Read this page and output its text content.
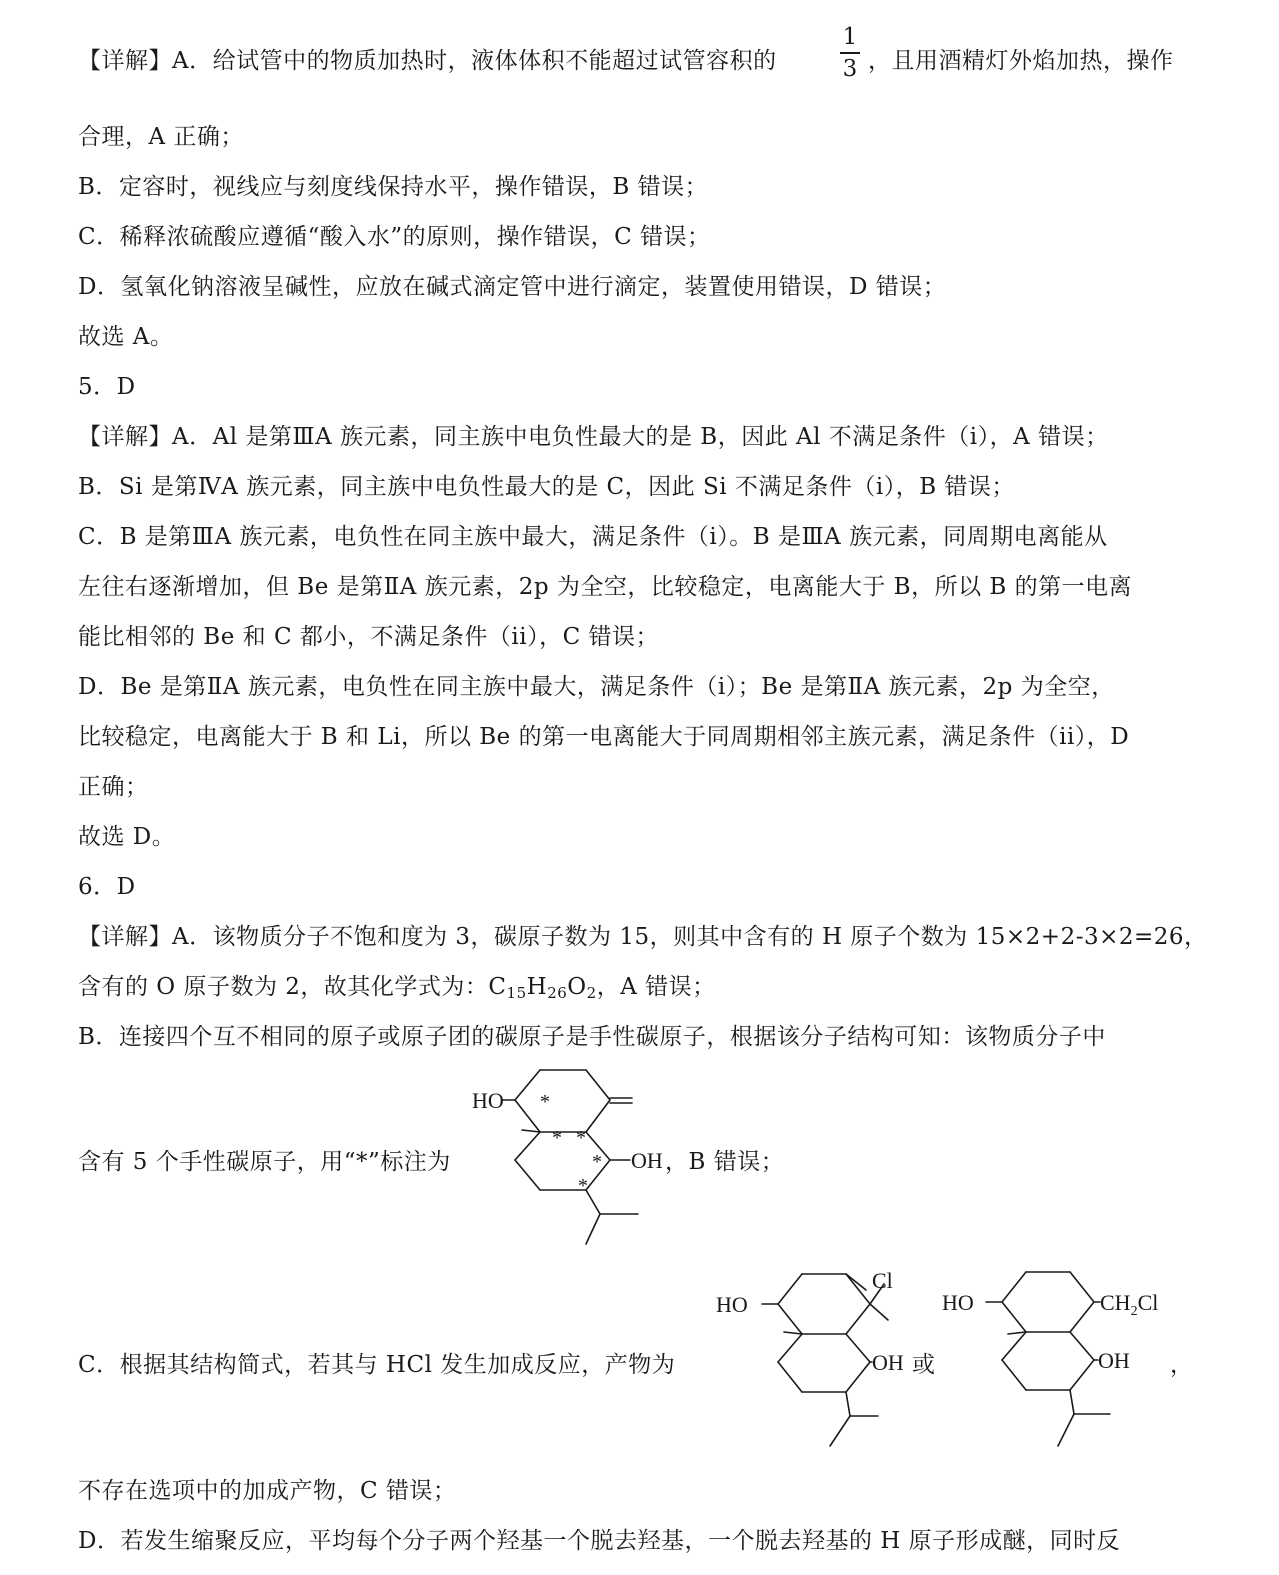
【详解】A．给试管中的物质加热时，液体体积不能超过试管容积的
1
3 ，且用酒精灯外焰加热，操作
合理，A 正确；
B．定容时，视线应与刻度线保持水平，操作错误，B 错误；
C．稀释浓硫酸应遵循“酸入水”的原则，操作错误，C 错误；
D．氢氧化钠溶液呈碱性，应放在碱式滴定管中进行滴定，装置使用错误，D 错误；
故选 A。
5．D
【详解】A．Al 是第ⅢA 族元素，同主族中电负性最大的是 B，因此 Al 不满足条件（i），A 错误；
B．Si 是第ⅣA 族元素，同主族中电负性最大的是 C，因此 Si 不满足条件（i），B 错误；
C．B 是第ⅢA 族元素，电负性在同主族中最大，满足条件（i）。B 是ⅢA 族元素，同周期电离能从
左往右逐渐增加，但 Be 是第ⅡA 族元素，2p 为全空，比较稳定，电离能大于 B，所以 B 的第一电离
能比相邻的 Be 和 C 都小，不满足条件（ii），C 错误；
D．Be 是第ⅡA 族元素，电负性在同主族中最大，满足条件（i）；Be 是第ⅡA 族元素，2p 为全空，
比较稳定，电离能大于 B 和 Li，所以 Be 的第一电离能大于同周期相邻主族元素，满足条件（ii），D
正确；
故选 D。
6．D
【详解】A．该物质分子不饱和度为 3，碳原子数为 15，则其中含有的 H 原子个数为 15×2+2-3×2=26，
含有的 O 原子数为 2，故其化学式为：$C_{15}H_{26}O_2$，A 错误；
B．连接四个互不相同的原子或原子团的碳原子是手性碳原子，根据该分子结构可知：该物质分子中
含有 5 个手性碳原子，用“*”标注为	，B 错误；
HO
OH
*
* *
*
*
C．根据其结构简式，若其与 HCl 发生加成反应，产物为
HO
Cl
OH 或
HO	$CH_2Cl$
OH ，
不存在选项中的加成产物，C 错误；
D．若发生缩聚反应，平均每个分子两个羟基一个脱去羟基，一个脱去羟基的 H 原子形成醚，同时反
